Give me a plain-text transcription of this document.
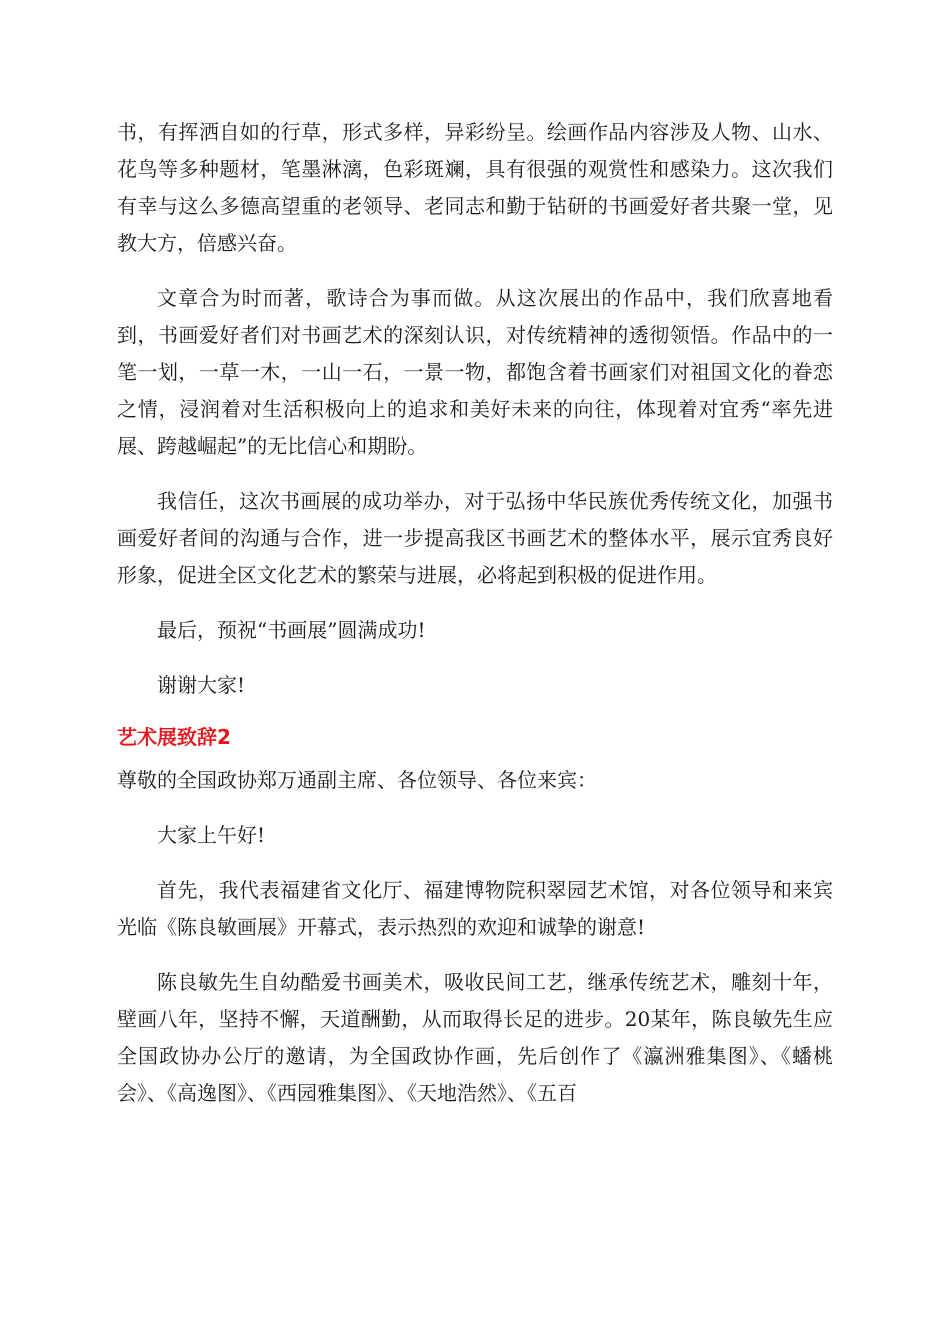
书，有挥洒自如的行草，形式多样，异彩纷呈。绘画作品内容涉及人物、山水、花鸟等多种题材，笔墨淋漓，色彩斑斓，具有很强的观赏性和感染力。这次我们有幸与这么多德高望重的老领导、老同志和勤于钻研的书画爱好者共聚一堂，见教大方，倍感兴奋。

文章合为时而著，歌诗合为事而做。从这次展出的作品中，我们欣喜地看到，书画爱好者们对书画艺术的深刻认识，对传统精神的透彻领悟。作品中的一笔一划，一草一木，一山一石，一景一物，都饱含着书画家们对祖国文化的眷恋之情，浸润着对生活积极向上的追求和美好未来的向往，体现着对宜秀“率先进展、跨越崛起”的无比信心和期盼。

我信任，这次书画展的成功举办，对于弘扬中华民族优秀传统文化，加强书画爱好者间的沟通与合作，进一步提高我区书画艺术的整体水平，展示宜秀良好形象，促进全区文化艺术的繁荣与进展，必将起到积极的促进作用。

最后，预祝“书画展”圆满成功!

谢谢大家!

艺术展致辞2

尊敬的全国政协郑万通副主席、各位领导、各位来宾：

大家上午好!

首先，我代表福建省文化厅、福建博物院积翠园艺术馆，对各位领导和来宾光临《陈良敏画展》开幕式，表示热烈的欢迎和诚挚的谢意!

陈良敏先生自幼酷爱书画美术，吸收民间工艺，继承传统艺术，雕刻十年，壁画八年，坚持不懈，天道酬勤，从而取得长足的进步。20某年，陈良敏先生应全国政协办公厅的邀请，为全国政协作画，先后创作了《瀛洲雅集图》、《蟠桃会》、《高逸图》、《西园雅集图》、《天地浩然》、《五百
